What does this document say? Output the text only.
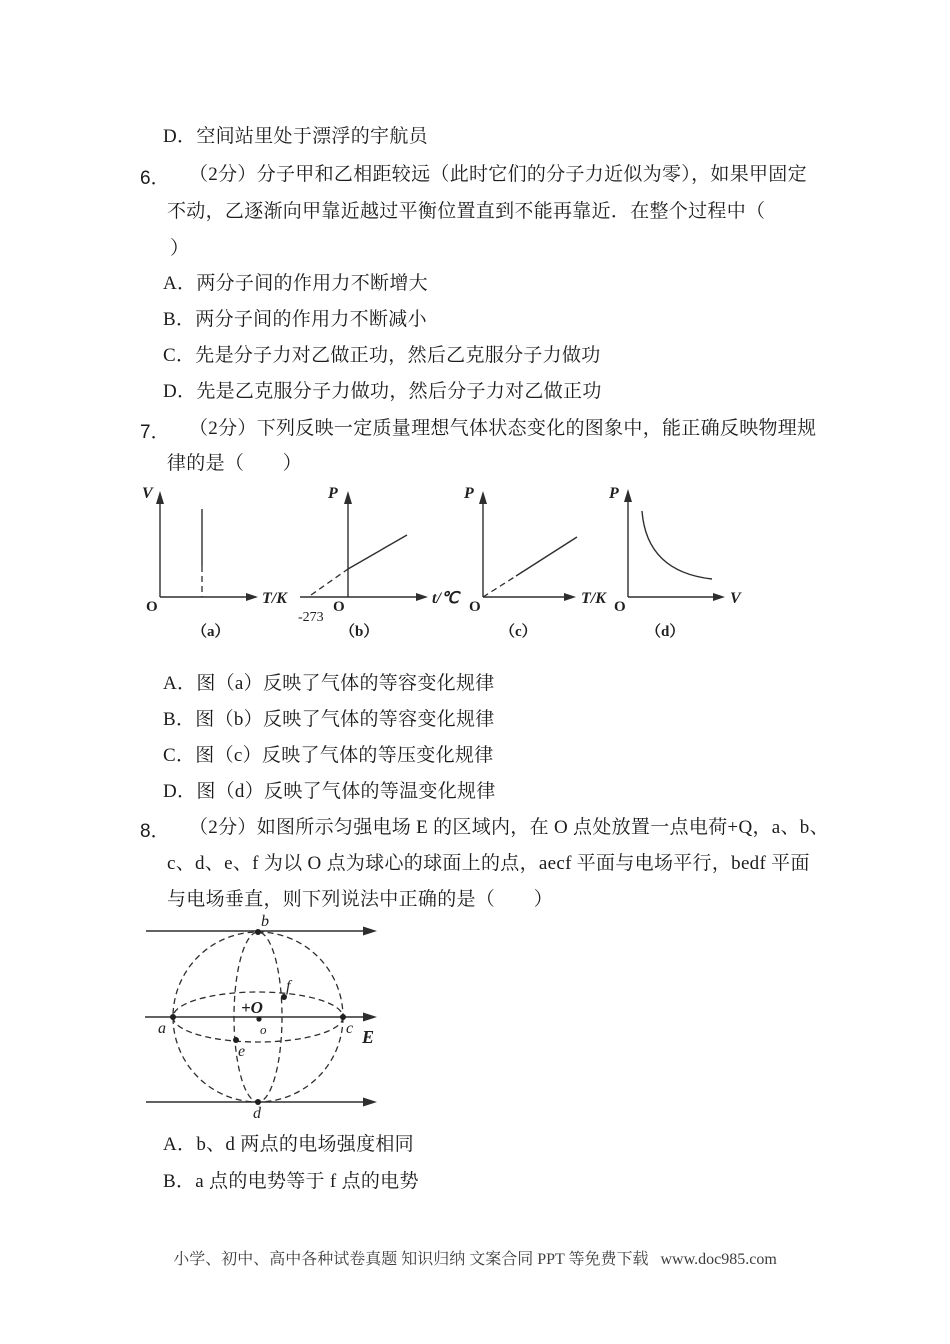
D．空间站里处于漂浮的宇航员
6． （2分）分子甲和乙相距较远（此时它们的分子力近似为零），如果甲固定
不动，乙逐渐向甲靠近越过平衡位置直到不能再靠近．在整个过程中（
）
A．两分子间的作用力不断增大
B．两分子间的作用力不断减小
C．先是分子力对乙做正功，然后乙克服分子力做功
D．先是乙克服分子力做功，然后分子力对乙做正功
7． （2分）下列反映一定质量理想气体状态变化的图象中，能正确反映物理规
律的是（　　）
V
T/K
O
（a）
P
t/℃
O
-273
（b）
P
T/K
O
（c）
P
V
O
（d）
A．图（a）反映了气体的等容变化规律
B．图（b）反映了气体的等容变化规律
C．图（c）反映了气体的等压变化规律
D．图（d）反映了气体的等温变化规律
8． （2分）如图所示匀强电场 E 的区域内，在 O 点处放置一点电荷+Q，a、b、
c、d、e、f 为以 O 点为球心的球面上的点，aecf 平面与电场平行，bedf 平面
与电场垂直，则下列说法中正确的是（　　）
b
d
a	c
e
f
+O
o	E
A．b、d 两点的电场强度相同
B．a 点的电势等于 f 点的电势
小学、初中、高中各种试卷真题 知识归纳 文案合同 PPT 等免费下载   www.doc985.com
